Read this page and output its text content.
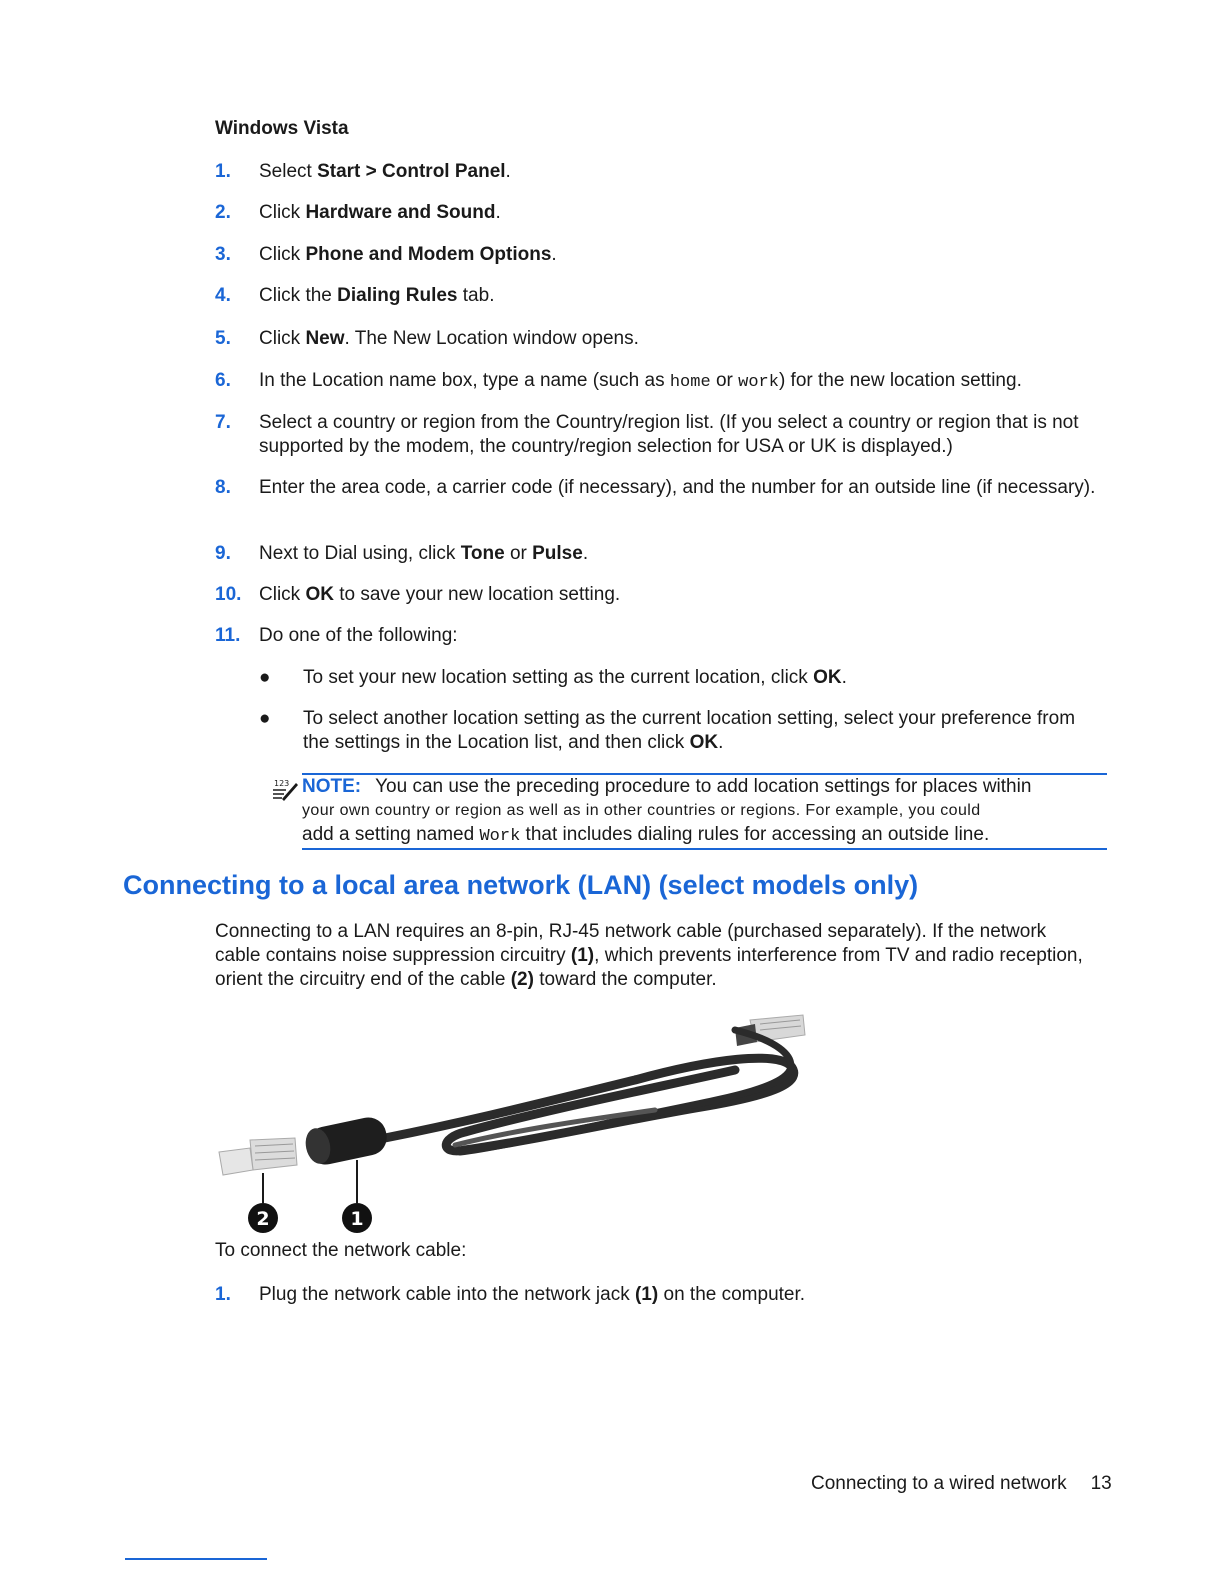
Windows Vista
1.	Select Start > Control Panel.
2.	Click Hardware and Sound.
3.	Click Phone and Modem Options.
4.	Click the Dialing Rules tab.
5.	Click New. The New Location window opens.
6.	In the Location name box, type a name (such as home or work) for the new location setting.
7.	Select a country or region from the Country/region list. (If you select a country or region that is not supported by the modem, the country/region selection for USA or UK is displayed.)
8.	Enter the area code, a carrier code (if necessary), and the number for an outside line (if necessary).
9.	Next to Dial using, click Tone or Pulse.
10. Click OK to save your new location setting.
11. Do one of the following:
●	To set your new location setting as the current location, click OK.
●	To select another location setting as the current location setting, select your preference from the settings in the Location list, and then click OK.
123 NOTE: You can use the preceding procedure to add location settings for places within
your own country or region as well as in other countries or regions. For example, you could
add a setting named Work that includes dialing rules for accessing an outside line.
Connecting to a local area network (LAN) (select models only)
Connecting to a LAN requires an 8-pin, RJ-45 network cable (purchased separately). If the network cable contains noise suppression circuitry (1), which prevents interference from TV and radio reception, orient the circuitry end of the cable (2) toward the computer.
2	1
To connect the network cable:
1.	Plug the network cable into the network jack (1) on the computer.
Connecting to a wired network 13
